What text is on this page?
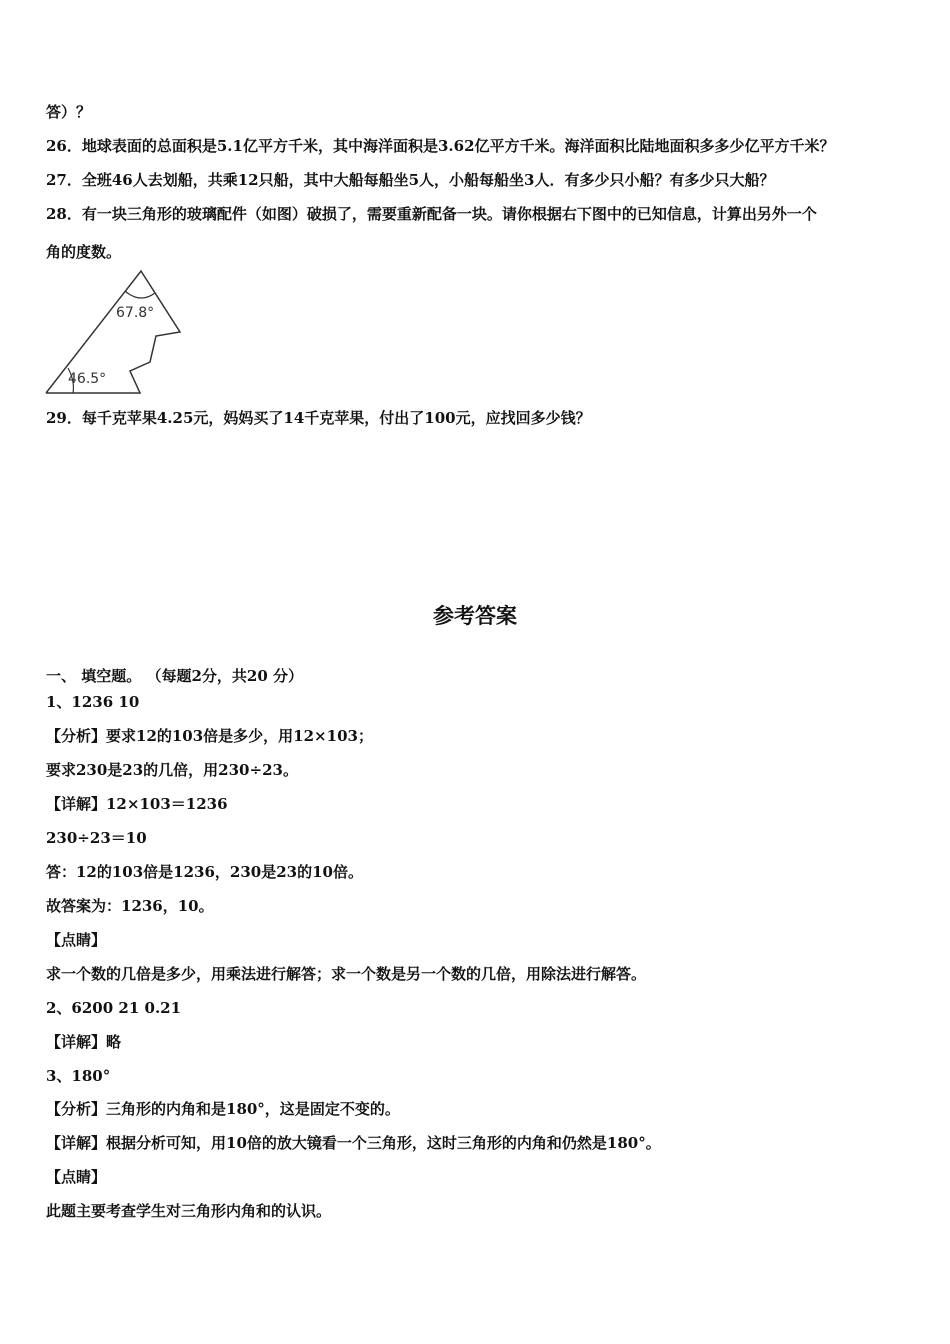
答）？
26．地球表面的总面积是5.1亿平方千米，其中海洋面积是3.62亿平方千米。海洋面积比陆地面积多多少亿平方千米？
27．全班46人去划船，共乘12只船，其中大船每船坐5人，小船每船坐3人．有多少只小船？有多少只大船？
28．有一块三角形的玻璃配件（如图）破损了，需要重新配备一块。请你根据右下图中的已知信息，计算出另外一个
角的度数。
67.8°
46.5°
29．每千克苹果4.25元，妈妈买了14千克苹果，付出了100元，应找回多少钱？
参考答案
一、 填空题。 （每题2分，共20 分）
1、1236 10
【分析】要求12的103倍是多少，用12×103；
要求230是23的几倍，用230÷23。
【详解】12×103＝1236
230÷23＝10
答：12的103倍是1236，230是23的10倍。
故答案为：1236，10。
【点睛】
求一个数的几倍是多少，用乘法进行解答；求一个数是另一个数的几倍，用除法进行解答。
2、6200 21 0.21
【详解】略
3、180°
【分析】三角形的内角和是180°，这是固定不变的。
【详解】根据分析可知，用10倍的放大镜看一个三角形，这时三角形的内角和仍然是180°。
【点睛】
此题主要考查学生对三角形内角和的认识。
